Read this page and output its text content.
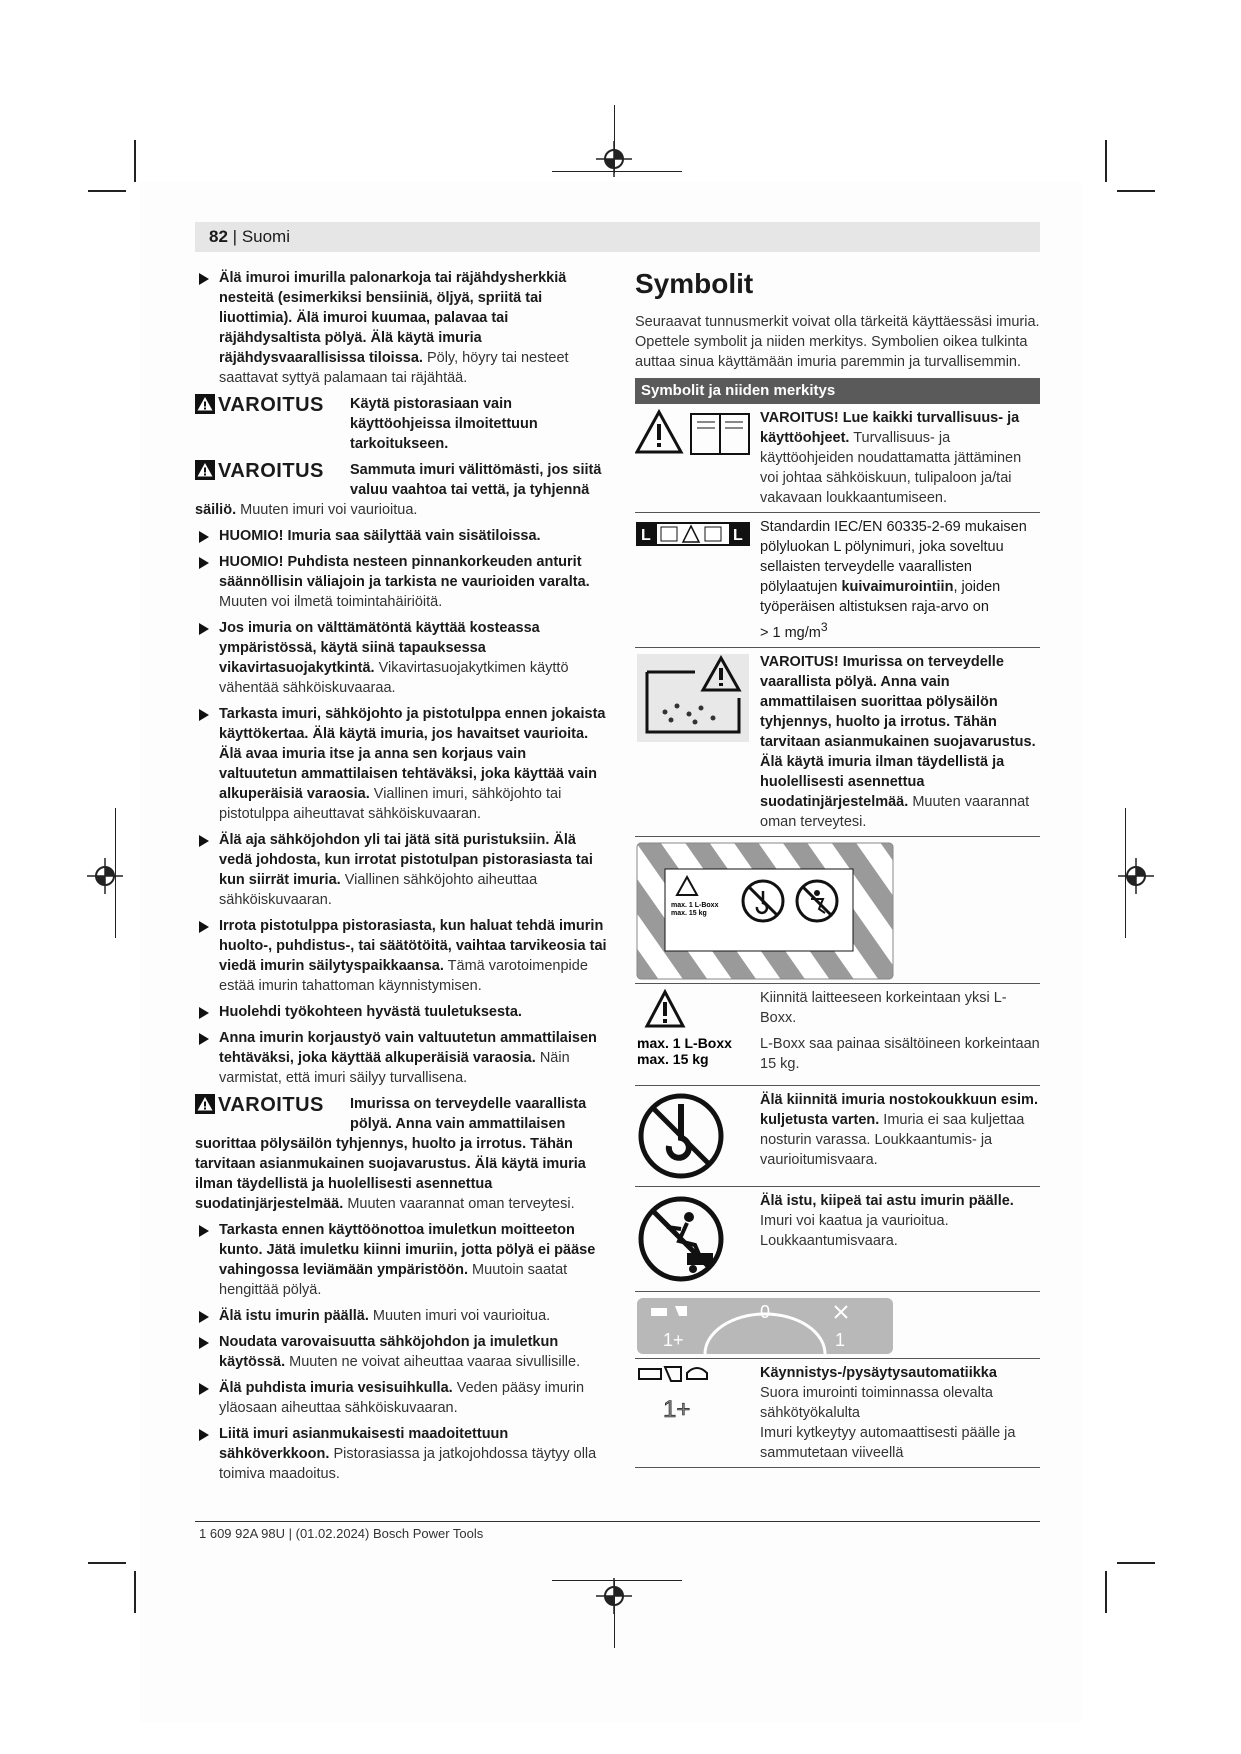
82 | Suomi
Älä imuroi imurilla palonarkoja tai räjähdysherkkiä nesteitä (esimerkiksi bensiiniä, öljyä, spriitä tai liuottimia). Älä imuroi kuumaa, palavaa tai räjähdysaltista pölyä. Älä käytä imuria räjähdysvaarallisissa tiloissa. Pöly, höyry tai nesteet saattavat syttyä palamaan tai räjähtää.
VAROITUS	Käytä pistorasiaan vain käyttöohjeissa ilmoitettuun tarkoitukseen.
VAROITUS	Sammuta imuri välittömästi, jos siitä valuu vaahtoa tai vettä, ja tyhjennä säiliö. Muuten imuri voi vaurioitua.
HUOMIO! Imuria saa säilyttää vain sisätiloissa.
HUOMIO! Puhdista nesteen pinnankorkeuden anturit säännöllisin väliajoin ja tarkista ne vaurioiden varalta. Muuten voi ilmetä toimintahäiriöitä.
Jos imuria on välttämätöntä käyttää kosteassa ympäristössä, käytä siinä tapauksessa vikavirtasuojakytkintä. Vikavirtasuojakytkimen käyttö vähentää sähköiskuvaaraa.
Tarkasta imuri, sähköjohto ja pistotulppa ennen jokaista käyttökertaa. Älä käytä imuria, jos havaitset vaurioita. Älä avaa imuria itse ja anna sen korjaus vain valtuutetun ammattilaisen tehtäväksi, joka käyttää vain alkuperäisiä varaosia. Viallinen imuri, sähköjohto tai pistotulppa aiheuttavat sähköiskuvaaran.
Älä aja sähköjohdon yli tai jätä sitä puristuksiin. Älä vedä johdosta, kun irrotat pistotulpan pistorasiasta tai kun siirrät imuria. Viallinen sähköjohto aiheuttaa sähköiskuvaaran.
Irrota pistotulppa pistorasiasta, kun haluat tehdä imurin huolto-, puhdistus-, tai säätötöitä, vaihtaa tarvikeosia tai viedä imurin säilytyspaikkaansa. Tämä varotoimenpide estää imurin tahattoman käynnistymisen.
Huolehdi työkohteen hyvästä tuuletuksesta.
Anna imurin korjaustyö vain valtuutetun ammattilaisen tehtäväksi, joka käyttää alkuperäisiä varaosia. Näin varmistat, että imuri säilyy turvallisena.
VAROITUS	Imurissa on terveydelle vaarallista pölyä. Anna vain ammattilaisen suorittaa pölysäilön tyhjennys, huolto ja irrotus. Tähän tarvitaan asianmukainen suojavarustus. Älä käytä imuria ilman täydellistä ja huolellisesti asennettua suodatinjärjestelmää. Muuten vaarannat oman terveytesi.
Tarkasta ennen käyttöönottoa imuletkun moitteeton kunto. Jätä imuletku kiinni imuriin, jotta pölyä ei pääse vahingossa leviämään ympäristöön. Muutoin saatat hengittää pölyä.
Älä istu imurin päällä. Muuten imuri voi vaurioitua.
Noudata varovaisuutta sähköjohdon ja imuletkun käytössä. Muuten ne voivat aiheuttaa vaaraa sivullisille.
Älä puhdista imuria vesisuihkulla. Veden pääsy imurin yläosaan aiheuttaa sähköiskuvaaran.
Liitä imuri asianmukaisesti maadoitettuun sähköverkkoon. Pistorasiassa ja jatkojohdossa täytyy olla toimiva maadoitus.
Symbolit
Seuraavat tunnusmerkit voivat olla tärkeitä käyttäessäsi imuria. Opettele symbolit ja niiden merkitys. Symbolien oikea tulkinta auttaa sinua käyttämään imuria paremmin ja turvallisemmin.
Symbolit ja niiden merkitys
VAROITUS! Lue kaikki turvallisuus- ja käyttöohjeet. Turvallisuus- ja käyttöohjeiden noudattamatta jättäminen voi johtaa sähköiskuun, tulipaloon ja/tai vakavaan loukkaantumiseen.
L	L Standardin IEC/EN 60335-2-69 mukaisen pölyluokan L pölynimuri, joka soveltuu sellaisten terveydelle vaarallisten pölylaatujen kuivaimurointiin, joiden työperäisen altistuksen raja-arvo on
> 1 $mg/m^3$
VAROITUS! Imurissa on terveydelle vaarallista pölyä. Anna vain ammattilaisen suorittaa pölysäilön tyhjennys, huolto ja irrotus. Tähän tarvitaan asianmukainen suojavarustus. Älä käytä imuria ilman täydellistä ja huolellisesti asennettua suodatinjärjestelmää. Muuten vaarannat oman terveytesi.
max. 1 L-Boxx
max. 15 kg
max. 1 L-Boxx
max. 15 kg
Kiinnitä laitteeseen korkeintaan yksi L-Boxx.
L-Boxx saa painaa sisältöineen korkeintaan 15 kg.
Älä kiinnitä imuria nostokoukkuun esim. kuljetusta varten. Imuria ei saa kuljettaa nosturin varassa. Loukkaantumis- ja vaurioitumisvaara.
Älä istu, kiipeä tai astu imurin päälle. Imuri voi kaatua ja vaurioitua. Loukkaantumisvaara.
0
1+	1
1+
Käynnistys-/pysäytysautomatiikka
Suora imurointi toiminnassa olevalta sähkötyökalulta
Imuri kytkeytyy automaattisesti päälle ja sammutetaan viiveellä
1 609 92A 98U | (01.02.2024) Bosch Power Tools
